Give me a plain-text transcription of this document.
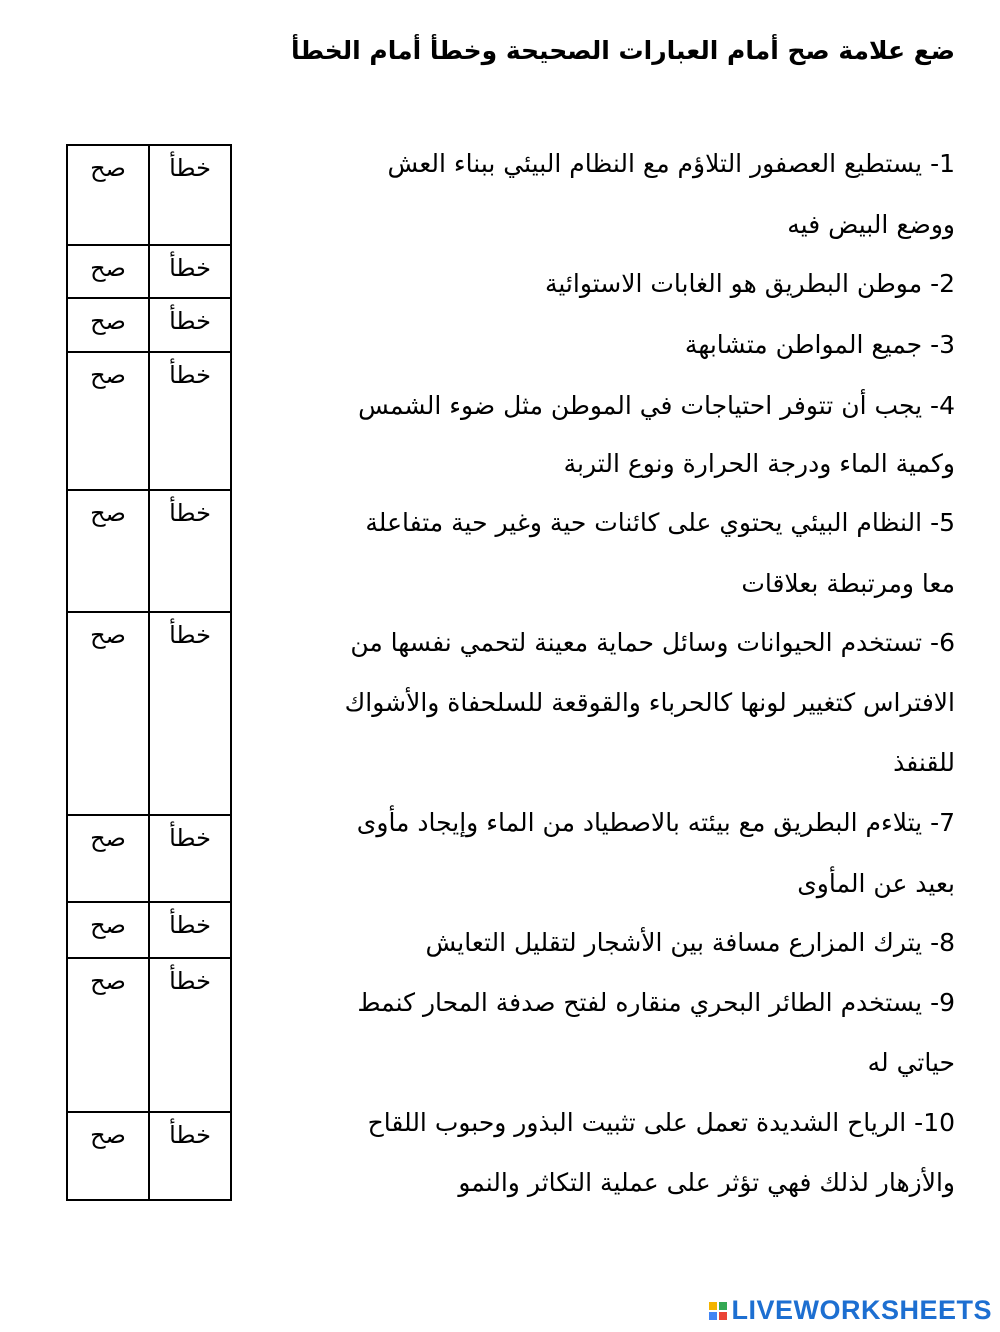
ضع علامة صح أمام العبارات الصحيحة وخطأ أمام الخطأ
1- يستطيع العصفور التلاؤم مع النظام البيئي ببناء العش
ووضع البيض فيه
2- موطن البطريق هو الغابات الاستوائية
3- جميع المواطن متشابهة
4- يجب أن تتوفر احتياجات في الموطن مثل ضوء الشمس
وكمية الماء ودرجة الحرارة ونوع التربة
5- النظام البيئي يحتوي على كائنات حية وغير حية متفاعلة
معا ومرتبطة بعلاقات
6- تستخدم الحيوانات وسائل حماية معينة لتحمي نفسها من
الافتراس كتغيير لونها كالحرباء والقوقعة للسلحفاة والأشواك
للقنفذ
7- يتلاءم البطريق مع بيئته بالاصطياد من الماء وإيجاد مأوى
بعيد عن المأوى
8- يترك المزارع مسافة بين الأشجار لتقليل التعايش
9- يستخدم الطائر البحري منقاره لفتح صدفة المحار كنمط
حياتي له
10- الرياح الشديدة تعمل على تثبيت البذور وحبوب اللقاح
والأزهار لذلك فهي تؤثر على عملية التكاثر والنمو
صح	خطأ
صح	خطأ
صح	خطأ
صح	خطأ
صح	خطأ
صح	خطأ
صح	خطأ
صح	خطأ
صح	خطأ
صح	خطأ
LIVEWORKSHEETS
